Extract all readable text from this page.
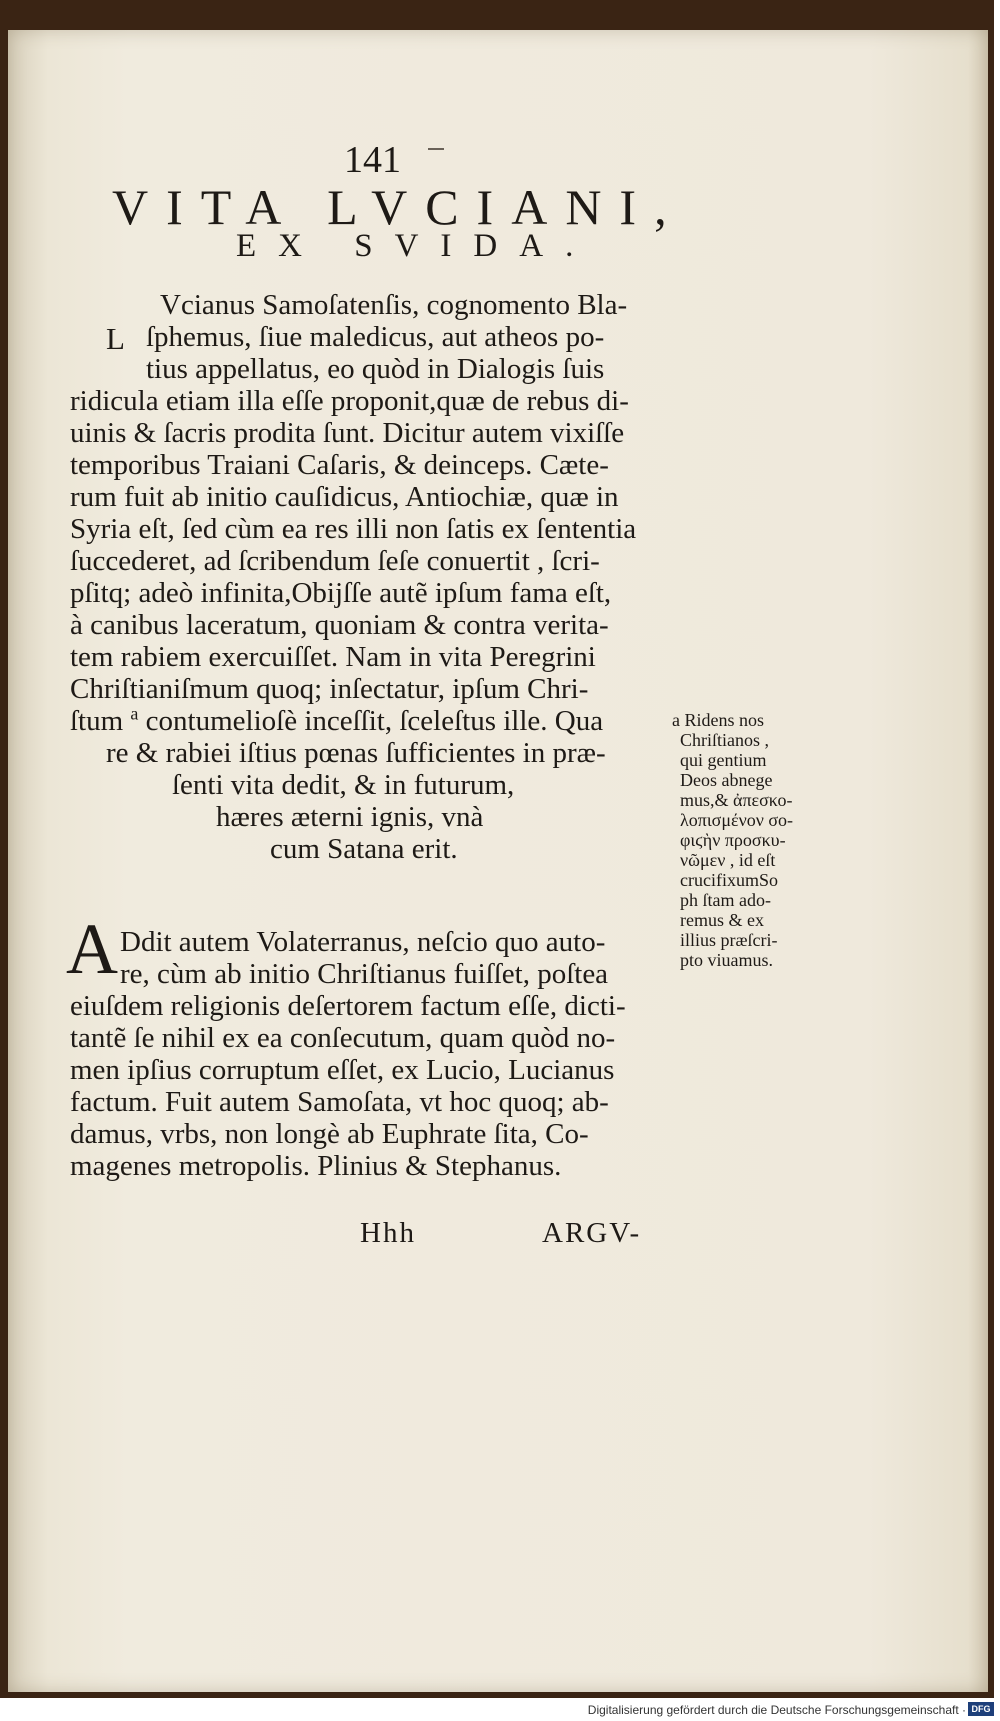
141
VITA LVCIANI,
EX SVIDA.
L
Vcianus Samoſatenſis, cognomento Bla-
ſphemus, ſiue maledicus, aut atheos po-
tius appellatus, eo quòd in Dialogis ſuis
ridicula etiam illa eſſe proponit,quæ de rebus di-
uinis & ſacris prodita ſunt. Dicitur autem vixiſſe
temporibus Traiani Caſaris, & deinceps. Cæte-
rum fuit ab initio cauſidicus, Antiochiæ, quæ in
Syria eſt, ſed cùm ea res illi non ſatis ex ſententia
ſuccederet, ad ſcribendum ſeſe conuertit , ſcri-
pſitq; adeò infinita,Obijſſe autẽ ipſum fama eſt,
à canibus laceratum, quoniam & contra verita-
tem rabiem exercuiſſet. Nam in vita Peregrini
Chriſtianiſmum quoq; inſectatur, ipſum Chri-
ſtum $^a$ contumelioſè inceſſit, ſceleſtus ille. Qua
re & rabiei iſtius pœnas ſufficientes in præ-
ſenti vita dedit, & in futurum,
hæres æterni ignis, vnà
cum Satana erit.
a Ridens nos
Chriſtianos ,
qui gentium
Deos abnege
mus,& ἀπεσκο-
λοπισμένον σο-
φιϛὴν προσκυ-
νῶμεν , id eſt
crucifixumSo
ph ſtam ado-
remus & ex
illius præſcri-
pto viuamus.
A Ddit autem Volaterranus, neſcio quo auto-
re, cùm ab initio Chriſtianus fuiſſet, poſtea
eiuſdem religionis deſertorem factum eſſe, dicti-
tantẽ ſe nihil ex ea conſecutum, quam quòd no-
men ipſius corruptum eſſet, ex Lucio, Lucianus
factum. Fuit autem Samoſata, vt hoc quoq; ab-
damus, vrbs, non longè ab Euphrate ſita, Co-
magenes metropolis. Plinius & Stephanus.
Hhh	ARGV-
Digitalisierung gefördert durch die Deutsche Forschungsgemeinschaft · DFG
